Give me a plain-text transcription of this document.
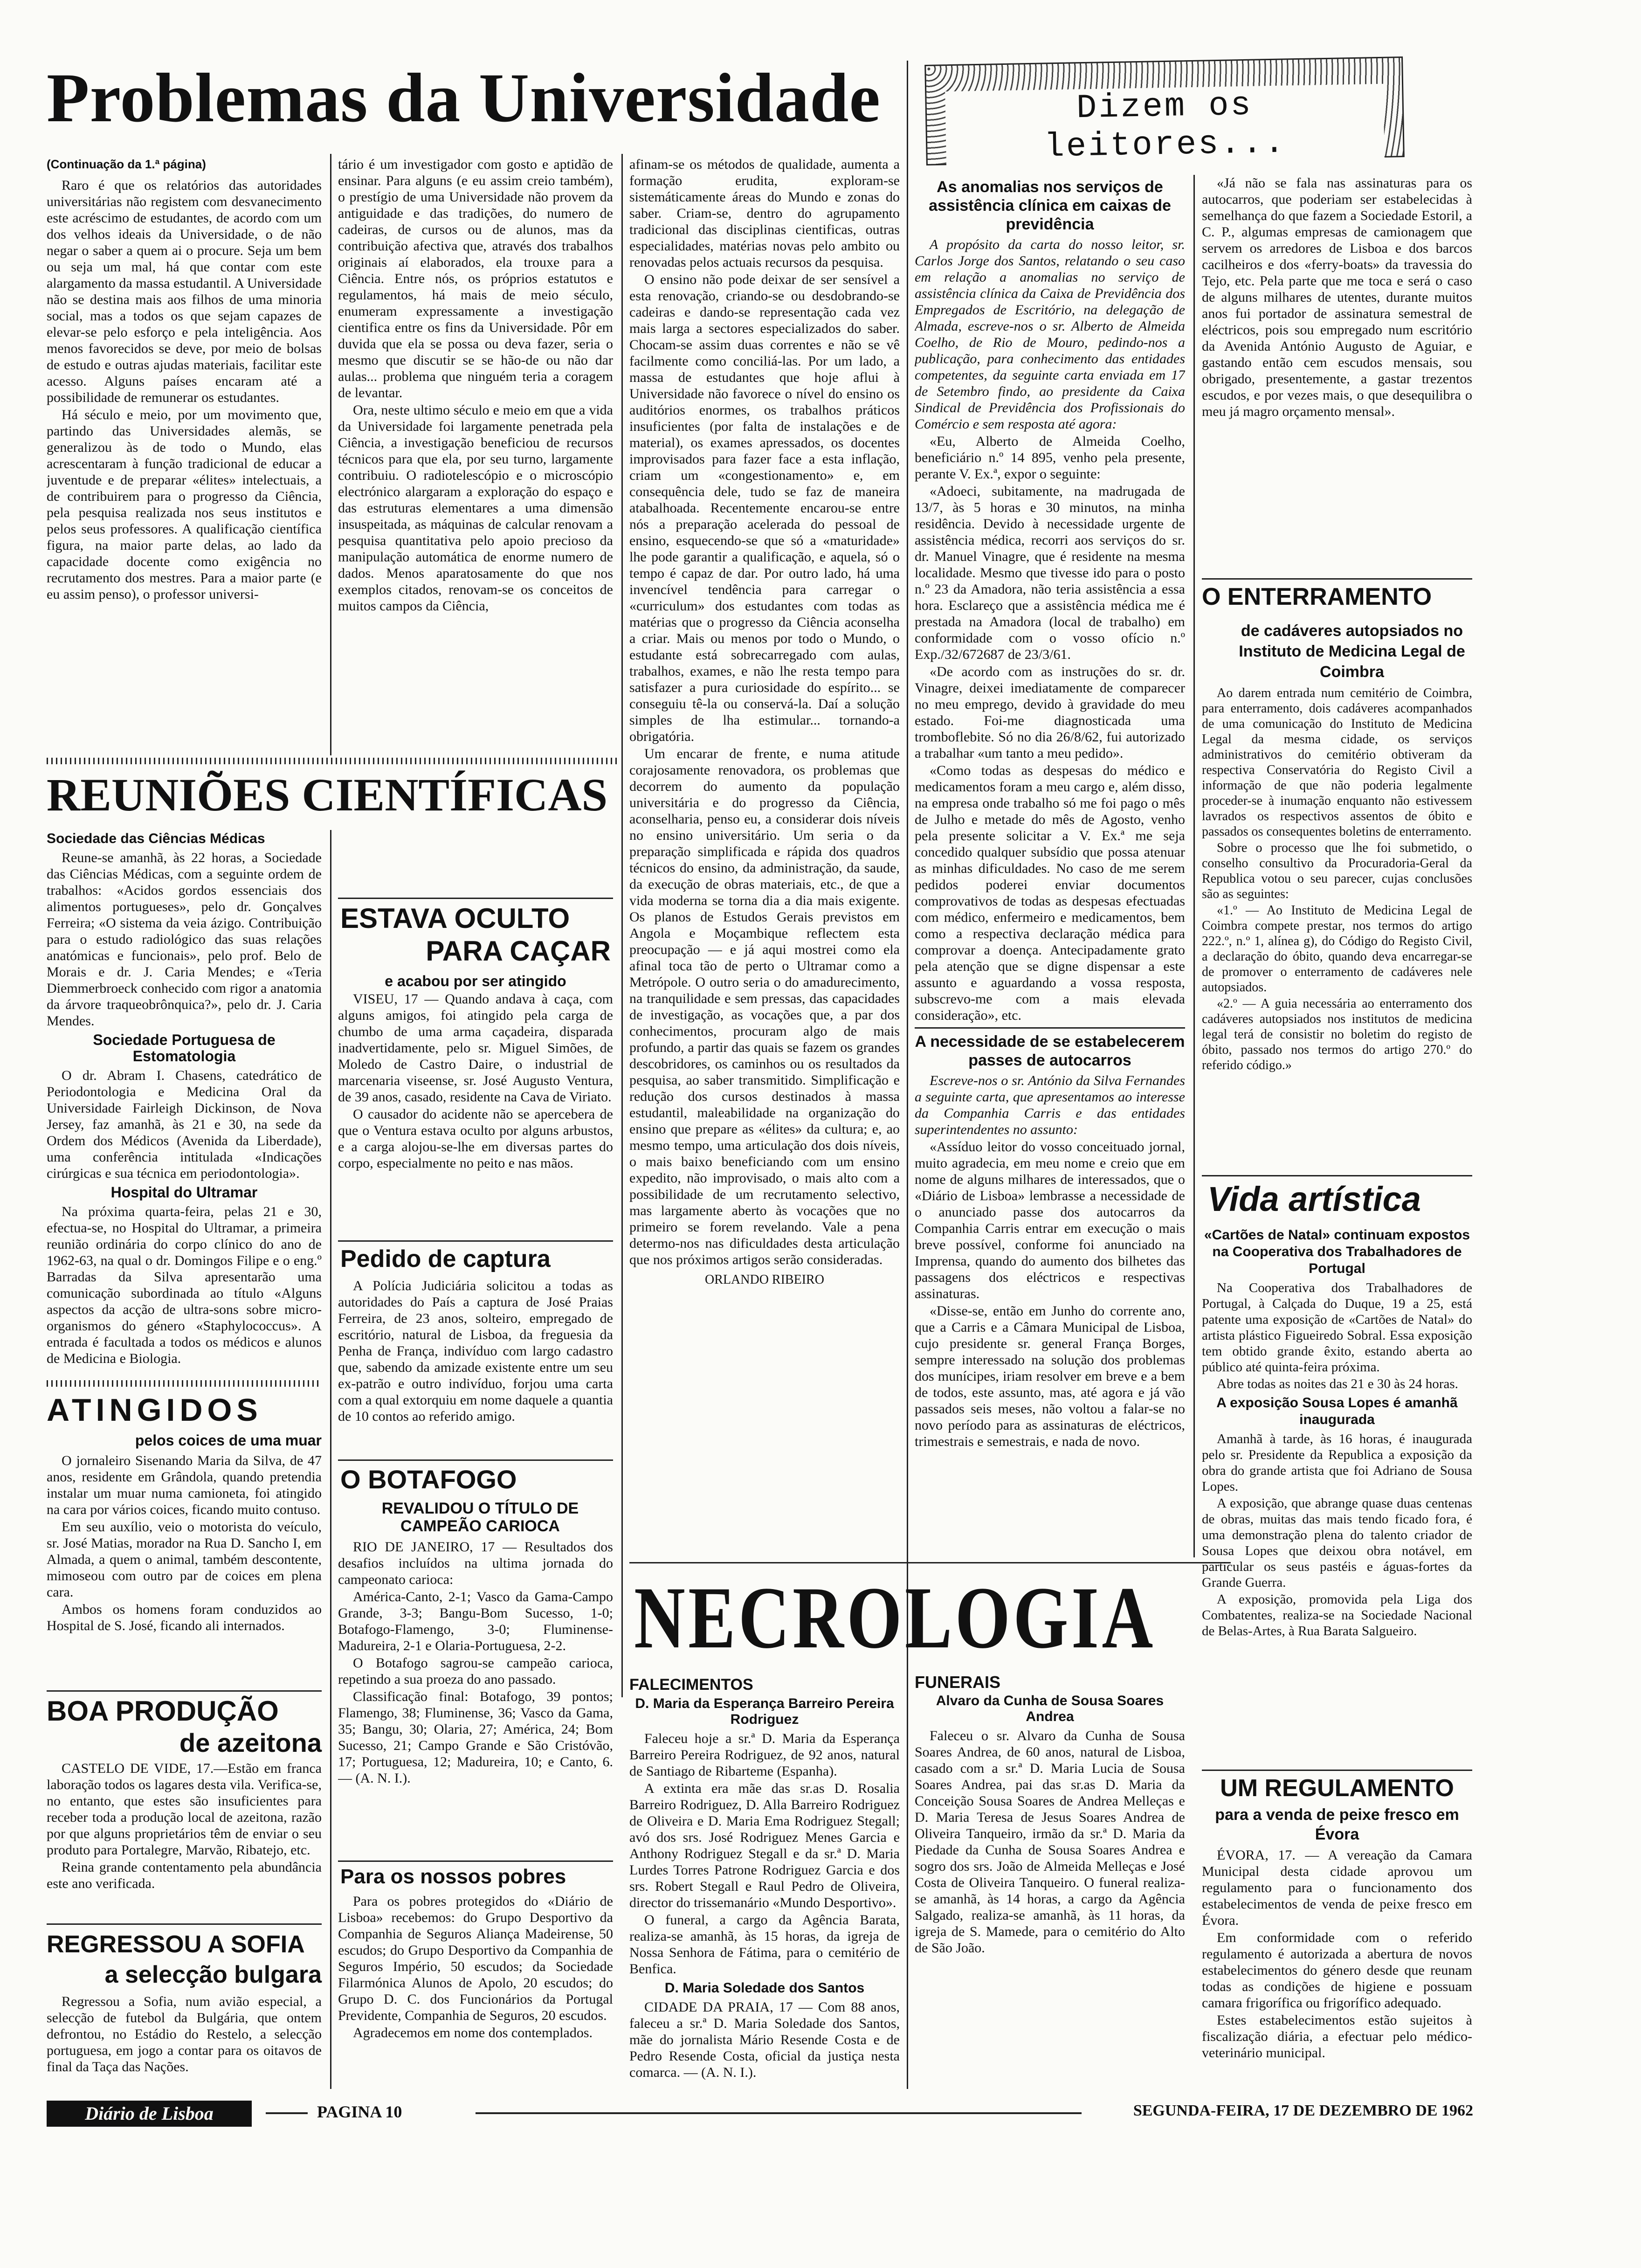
Problemas da Universidade	Dizem os leitores...

(Continuação da 1.ª página)

Raro é que os relatórios das autoridades universitárias não registem com desvanecimento este acréscimo de estudantes, de acordo com um dos velhos ideais da Universidade, o de não negar o saber a quem ai o procure. Seja um bem ou seja um mal, há que contar com este alargamento da massa estudantil. A Universidade não se destina mais aos filhos de uma minoria social, mas a todos os que sejam capazes de elevar-se pelo esforço e pela inteligência. Aos menos favorecidos se deve, por meio de bolsas de estudo e outras ajudas materiais, facilitar este acesso. Alguns países encaram até a possibilidade de remunerar os estudantes.

Há século e meio, por um movimento que, partindo das Universidades alemãs, se generalizou às de todo o Mundo, elas acrescentaram à função tradicional de educar a juventude e de preparar «élites» intelectuais, a de contribuirem para o progresso da Ciência, pela pesquisa realizada nos seus institutos e pelos seus professores. A qualificação científica figura, na maior parte delas, ao lado da capacidade docente como exigência no recrutamento dos mestres. Para a maior parte (e eu assim penso), o professor universi-

tário é um investigador com gosto e aptidão de ensinar. Para alguns (e eu assim creio também), o prestígio de uma Universidade não provem da antiguidade e das tradições, do numero de cadeiras, de cursos ou de alunos, mas da contribuição afectiva que, através dos trabalhos originais aí elaborados, ela trouxe para a Ciência. Entre nós, os próprios estatutos e regulamentos, há mais de meio século, enumeram expressamente a investigação cientifica entre os fins da Universidade. Pôr em duvida que ela se possa ou deva fazer, seria o mesmo que discutir se se hão-de ou não dar aulas... problema que ninguém teria a coragem de levantar.

Ora, neste ultimo século e meio em que a vida da Universidade foi largamente penetrada pela Ciência, a investigação beneficiou de recursos técnicos para que ela, por seu turno, largamente contribuiu. O radiotelescópio e o microscópio electrónico alargaram a exploração do espaço e das estruturas elementares a uma dimensão insuspeitada, as máquinas de calcular renovam a pesquisa quantitativa pelo apoio precioso da manipulação automática de enorme numero de dados. Menos aparatosamente do que nos exemplos citados, renovam-se os conceitos de muitos campos da Ciência,

afinam-se os métodos de qualidade, aumenta a formação erudita, exploram-se sistemáticamente áreas do Mundo e zonas do saber. Criam-se, dentro do agrupamento tradicional das disciplinas cientificas, outras especialidades, matérias novas pelo ambito ou renovadas pelos actuais recursos da pesquisa.

O ensino não pode deixar de ser sensível a esta renovação, criando-se ou desdobrando-se cadeiras e dando-se representação cada vez mais larga a sectores especializados do saber. Chocam-se assim duas correntes e não se vê facilmente como conciliá-las. Por um lado, a massa de estudantes que hoje aflui à Universidade não favorece o nível do ensino os auditórios enormes, os trabalhos práticos insuficientes (por falta de instalações e de material), os exames apressados, os docentes improvisados para fazer face a esta inflação, criam um «congestionamento» e, em consequência dele, tudo se faz de maneira atabalhoada. Recentemente encarou-se entre nós a preparação acelerada do pessoal de ensino, esquecendo-se que só a «maturidade» lhe pode garantir a qualificação, e aquela, só o tempo é capaz de dar. Por outro lado, há uma invencível tendência para carregar o «curriculum» dos estudantes com todas as matérias que o progresso da Ciência aconselha a criar. Mais ou menos por todo o Mundo, o estudante está sobrecarregado com aulas, trabalhos, exames, e não lhe resta tempo para satisfazer a pura curiosidade do espírito... se conseguiu tê-la ou conservá-la. Daí a solução simples de lha estimular... tornando-a obrigatória.

Um encarar de frente, e numa atitude corajosamente renovadora, os problemas que decorrem do aumento da população universitária e do progresso da Ciência, aconselharia, penso eu, a considerar dois níveis no ensino universitário. Um seria o da preparação simplificada e rápida dos quadros técnicos do ensino, da administração, da saude, da execução de obras materiais, etc., de que a vida moderna se torna dia a dia mais exigente. Os planos de Estudos Gerais previstos em Angola e Moçambique reflectem esta preocupação — e já aqui mostrei como ela afinal toca tão de perto o Ultramar como a Metrópole. O outro seria o do amadurecimento, na tranquilidade e sem pressas, das capacidades de investigação, as vocações que, a par dos conhecimentos, procuram algo de mais profundo, a partir das quais se fazem os grandes descobridores, os caminhos ou os resultados da pesquisa, ao saber transmitido. Simplificação e redução dos cursos destinados à massa estudantil, maleabilidade na organização do ensino que prepare as «élites» da cultura; e, ao mesmo tempo, uma articulação dos dois níveis, o mais baixo beneficiando com um ensino expedito, não improvisado, o mais alto com a possibilidade de um recrutamento selectivo, mas largamente aberto às vocações que no primeiro se forem revelando. Vale a pena determo-nos nas dificuldades desta articulação que nos próximos artigos serão consideradas.

ORLANDO RIBEIRO
REUNIÕES CIENTÍFICAS
Sociedade das Ciências Médicas

Reune-se amanhã, às 22 horas, a Sociedade das Ciências Médicas, com a seguinte ordem de trabalhos: «Acidos gordos essenciais dos alimentos portugueses», pelo dr. Gonçalves Ferreira; «O sistema da veia ázigo. Contribuição para o estudo radiológico das suas relações anatómicas e funcionais», pelo prof. Belo de Morais e dr. J. Caria Mendes; e «Teria Diemmerbroeck conhecido com rigor a anatomia da árvore traqueobrônquica?», pelo dr. J. Caria Mendes.

Sociedade Portuguesa de Estomatologia

O dr. Abram I. Chasens, catedrático de Periodontologia e Medicina Oral da Universidade Fairleigh Dickinson, de Nova Jersey, faz amanhã, às 21 e 30, na sede da Ordem dos Médicos (Avenida da Liberdade), uma conferência intitulada «Indicações cirúrgicas e sua técnica em periodontologia».

Hospital do Ultramar

Na próxima quarta-feira, pelas 21 e 30, efectua-se, no Hospital do Ultramar, a primeira reunião ordinária do corpo clínico do ano de 1962-63, na qual o dr. Domingos Filipe e o eng.º Barradas da Silva apresentarão uma comunicação subordinada ao título «Alguns aspectos da acção de ultra-sons sobre micro-organismos do género «Staphylococcus». A entrada é facultada a todos os médicos e alunos de Medicina e Biologia.

ATINGIDOS
pelos coices de uma muar

O jornaleiro Sisenando Maria da Silva, de 47 anos, residente em Grândola, quando pretendia instalar um muar numa camioneta, foi atingido na cara por vários coices, ficando muito contuso.

Em seu auxílio, veio o motorista do veículo, sr. José Matias, morador na Rua D. Sancho I, em Almada, a quem o animal, também descontente, mimoseou com outro par de coices em plena cara.

Ambos os homens foram conduzidos ao Hospital de S. José, ficando ali internados.

BOA PRODUÇÃO
de azeitona

CASTELO DE VIDE, 17.—Estão em franca laboração todos os lagares desta vila. Verifica-se, no entanto, que estes são insuficientes para receber toda a produção local de azeitona, razão por que alguns proprietários têm de enviar o seu produto para Portalegre, Marvão, Ribatejo, etc.

Reina grande contentamento pela abundância este ano verificada.

REGRESSOU A SOFIA
a selecção bulgara

Regressou a Sofia, num avião especial, a selecção de futebol da Bulgária, que ontem defrontou, no Estádio do Restelo, a selecção portuguesa, em jogo a contar para os oitavos de final da Taça das Nações.

ESTAVA OCULTO
PARA CAÇAR
e acabou por ser atingido

VISEU, 17 — Quando andava à caça, com alguns amigos, foi atingido pela carga de chumbo de uma arma caçadeira, disparada inadvertidamente, pelo sr. Miguel Simões, de Moledo de Castro Daire, o industrial de marcenaria viseense, sr. José Augusto Ventura, de 39 anos, casado, residente na Cava de Viriato.

O causador do acidente não se apercebera de que o Ventura estava oculto por alguns arbustos, e a carga alojou-se-lhe em diversas partes do corpo, especialmente no peito e nas mãos.

Pedido de captura

A Polícia Judiciária solicitou a todas as autoridades do País a captura de José Praias Ferreira, de 23 anos, solteiro, empregado de escritório, natural de Lisboa, da freguesia da Penha de França, indivíduo com largo cadastro que, sabendo da amizade existente entre um seu ex-patrão e outro indivíduo, forjou uma carta com a qual extorquiu em nome daquele a quantia de 10 contos ao referido amigo.

O BOTAFOGO
REVALIDOU O TÍTULO DE CAMPEÃO CARIOCA

RIO DE JANEIRO, 17 — Resultados dos desafios incluídos na ultima jornada do campeonato carioca:

América-Canto, 2-1; Vasco da Gama-Campo Grande, 3-3; Bangu-Bom Sucesso, 1-0; Botafogo-Flamengo, 3-0; Fluminense-Madureira, 2-1 e Olaria-Portuguesa, 2-2.

O Botafogo sagrou-se campeão carioca, repetindo a sua proeza do ano passado.

Classificação final: Botafogo, 39 pontos; Flamengo, 38; Fluminense, 36; Vasco da Gama, 35; Bangu, 30; Olaria, 27; América, 24; Bom Sucesso, 21; Campo Grande e São Cristóvão, 17; Portuguesa, 12; Madureira, 10; e Canto, 6. — (A. N. I.).

Para os nossos pobres

Para os pobres protegidos do «Diário de Lisboa» recebemos: do Grupo Desportivo da Companhia de Seguros Aliança Madeirense, 50 escudos; do Grupo Desportivo da Companhia de Seguros Império, 50 escudos; da Sociedade Filarmónica Alunos de Apolo, 20 escudos; do Grupo D. C. dos Funcionários da Portugal Previdente, Companhia de Seguros, 20 escudos.

Agradecemos em nome dos contemplados.

NECROLOGIA
FALECIMENTOS
D. Maria da Esperança Barreiro Pereira Rodriguez

Faleceu hoje a sr.ª D. Maria da Esperança Barreiro Pereira Rodriguez, de 92 anos, natural de Santiago de Ribarteme (Espanha).

A extinta era mãe das sr.as D. Rosalia Barreiro Rodriguez, D. Alla Barreiro Rodriguez de Oliveira e D. Maria Ema Rodriguez Stegall; avó dos srs. José Rodriguez Menes Garcia e Anthony Rodriguez Stegall e da sr.ª D. Maria Lurdes Torres Patrone Rodriguez Garcia e dos srs. Robert Stegall e Raul Pedro de Oliveira, director do trissemanário «Mundo Desportivo».

O funeral, a cargo da Agência Barata, realiza-se amanhã, às 15 horas, da igreja de Nossa Senhora de Fátima, para o cemitério de Benfica.

D. Maria Soledade dos Santos

CIDADE DA PRAIA, 17 — Com 88 anos, faleceu a sr.ª D. Maria Soledade dos Santos, mãe do jornalista Mário Resende Costa e de Pedro Resende Costa, oficial da justiça nesta comarca. — (A. N. I.).

FUNERAIS
Alvaro da Cunha de Sousa Soares Andrea

Faleceu o sr. Alvaro da Cunha de Sousa Soares Andrea, de 60 anos, natural de Lisboa, casado com a sr.ª D. Maria Lucia de Sousa Soares Andrea, pai das sr.as D. Maria da Conceição Sousa Soares de Andrea Melleças e D. Maria Teresa de Jesus Soares Andrea de Oliveira Tanqueiro, irmão da sr.ª D. Maria da Piedade da Cunha de Sousa Soares Andrea e sogro dos srs. João de Almeida Melleças e José Costa de Oliveira Tanqueiro. O funeral realiza-se amanhã, às 14 horas, a cargo da Agência Salgado, realiza-se amanhã, às 11 horas, da igreja de S. Mamede, para o cemitério do Alto de São João.

As anomalias nos serviços de assistência clínica em caixas de previdência

A propósito da carta do nosso leitor, sr. Carlos Jorge dos Santos, relatando o seu caso em relação a anomalias no serviço de assistência clínica da Caixa de Previdência dos Empregados de Escritório, na delegação de Almada, escreve-nos o sr. Alberto de Almeida Coelho, de Rio de Mouro, pedindo-nos a publicação, para conhecimento das entidades competentes, da seguinte carta enviada em 17 de Setembro findo, ao presidente da Caixa Sindical de Previdência dos Profissionais do Comércio e sem resposta até agora:

«Eu, Alberto de Almeida Coelho, beneficiário n.º 14 895, venho pela presente, perante V. Ex.ª, expor o seguinte:

«Adoeci, subitamente, na madrugada de 13/7, às 5 horas e 30 minutos, na minha residência. Devido à necessidade urgente de assistência médica, recorri aos serviços do sr. dr. Manuel Vinagre, que é residente na mesma localidade. Mesmo que tivesse ido para o posto n.º 23 da Amadora, não teria assistência a essa hora. Esclareço que a assistência médica me é prestada na Amadora (local de trabalho) em conformidade com o vosso ofício n.º Exp./32/672687 de 23/3/61.

«De acordo com as instruções do sr. dr. Vinagre, deixei imediatamente de comparecer no meu emprego, devido à gravidade do meu estado. Foi-me diagnosticada uma tromboflebite. Só no dia 26/8/62, fui autorizado a trabalhar «um tanto a meu pedido».

«Como todas as despesas do médico e medicamentos foram a meu cargo e, além disso, na empresa onde trabalho só me foi pago o mês de Julho e metade do mês de Agosto, venho pela presente solicitar a V. Ex.ª me seja concedido qualquer subsídio que possa atenuar as minhas dificuldades. No caso de me serem pedidos poderei enviar documentos comprovativos de todas as despesas efectuadas com médico, enfermeiro e medicamentos, bem como a respectiva declaração médica para comprovar a doença. Antecipadamente grato pela atenção que se digne dispensar a este assunto e aguardando a vossa resposta, subscrevo-me com a mais elevada consideração», etc.

A necessidade de se estabelecerem passes de autocarros

Escreve-nos o sr. António da Silva Fernandes a seguinte carta, que apresentamos ao interesse da Companhia Carris e das entidades superintendentes no assunto:

«Assíduo leitor do vosso conceituado jornal, muito agradecia, em meu nome e creio que em nome de alguns milhares de interessados, que o «Diário de Lisboa» lembrasse a necessidade de o anunciado passe dos autocarros da Companhia Carris entrar em execução o mais breve possível, conforme foi anunciado na Imprensa, quando do aumento dos bilhetes das passagens dos eléctricos e respectivas assinaturas.

«Disse-se, então em Junho do corrente ano, que a Carris e a Câmara Municipal de Lisboa, cujo presidente sr. general França Borges, sempre interessado na solução dos problemas dos munícipes, iriam resolver em breve e a bem de todos, este assunto, mas, até agora e já vão passados seis meses, não voltou a falar-se no novo período para as assinaturas de eléctricos, trimestrais e semestrais, e nada de novo.

«Já não se fala nas assinaturas para os autocarros, que poderiam ser estabelecidas à semelhança do que fazem a Sociedade Estoril, a C. P., algumas empresas de camionagem que servem os arredores de Lisboa e dos barcos cacilheiros e dos «ferry-boats» da travessia do Tejo, etc. Pela parte que me toca e será o caso de alguns milhares de utentes, durante muitos anos fui portador de assinatura semestral de eléctricos, pois sou empregado num escritório da Avenida António Augusto de Aguiar, e gastando então cem escudos mensais, sou obrigado, presentemente, a gastar trezentos escudos, e por vezes mais, o que desequilibra o meu já magro orçamento mensal».

O ENTERRAMENTO
de cadáveres autopsiados no Instituto de Medicina Legal de Coimbra

Ao darem entrada num cemitério de Coimbra, para enterramento, dois cadáveres acompanhados de uma comunicação do Instituto de Medicina Legal da mesma cidade, os serviços administrativos do cemitério obtiveram da respectiva Conservatória do Registo Civil a informação de que não poderia legalmente proceder-se à inumação enquanto não estivessem lavrados os respectivos assentos de óbito e passados os consequentes boletins de enterramento.

Sobre o processo que lhe foi submetido, o conselho consultivo da Procuradoria-Geral da Republica votou o seu parecer, cujas conclusões são as seguintes:

«1.º — Ao Instituto de Medicina Legal de Coimbra compete prestar, nos termos do artigo 222.º, n.º 1, alínea g), do Código do Registo Civil, a declaração do óbito, quando deva encarregar-se de promover o enterramento de cadáveres nele autopsiados.

«2.º — A guia necessária ao enterramento dos cadáveres autopsiados nos institutos de medicina legal terá de consistir no boletim do registo de óbito, passado nos termos do artigo 270.º do referido código.»

Vida artística
«Cartões de Natal» continuam expostos na Cooperativa dos Trabalhadores de Portugal

Na Cooperativa dos Trabalhadores de Portugal, à Calçada do Duque, 19 a 25, está patente uma exposição de «Cartões de Natal» do artista plástico Figueiredo Sobral. Essa exposição tem obtido grande êxito, estando aberta ao público até quinta-feira próxima.

Abre todas as noites das 21 e 30 às 24 horas.

A exposição Sousa Lopes é amanhã inaugurada

Amanhã à tarde, às 16 horas, é inaugurada pelo sr. Presidente da Republica a exposição da obra do grande artista que foi Adriano de Sousa Lopes.

A exposição, que abrange quase duas centenas de obras, muitas das mais tendo ficado fora, é uma demonstração plena do talento criador de Sousa Lopes que deixou obra notável, em particular os seus pastéis e águas-fortes da Grande Guerra.

A exposição, promovida pela Liga dos Combatentes, realiza-se na Sociedade Nacional de Belas-Artes, à Rua Barata Salgueiro.

UM REGULAMENTO
para a venda de peixe fresco em Évora

ÉVORA, 17. — A vereação da Camara Municipal desta cidade aprovou um regulamento para o funcionamento dos estabelecimentos de venda de peixe fresco em Évora.

Em conformidade com o referido regulamento é autorizada a abertura de novos estabelecimentos do género desde que reunam todas as condições de higiene e possuam camara frigorífica ou frigorífico adequado.

Estes estabelecimentos estão sujeitos à fiscalização diária, a efectuar pelo médico-veterinário municipal.

Diário de Lisboa	PAGINA 10	SEGUNDA-FEIRA, 17 DE DEZEMBRO DE 1962
